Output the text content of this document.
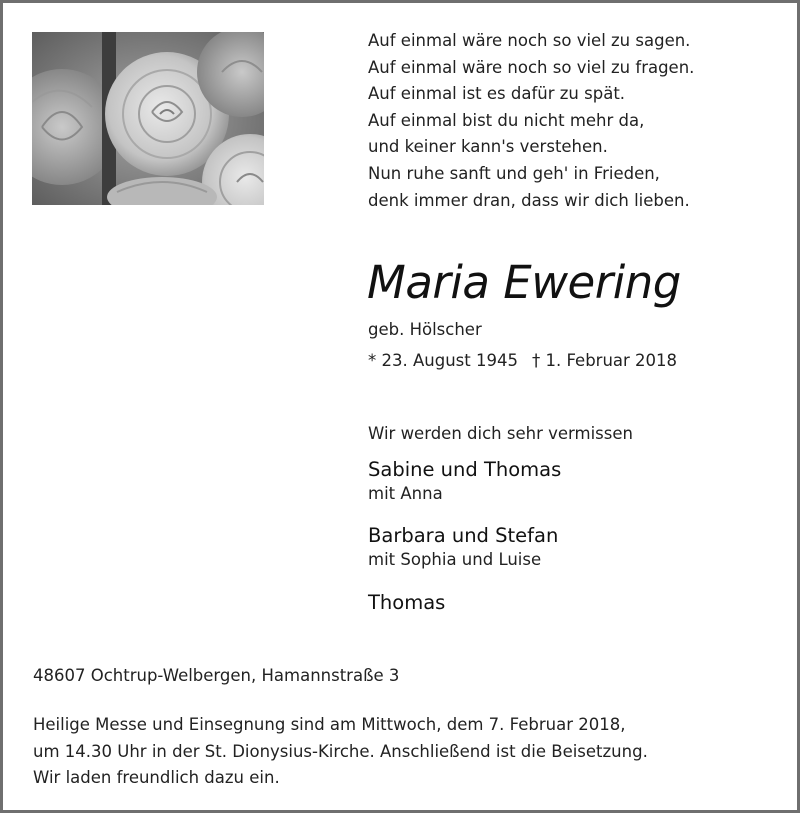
Auf einmal wäre noch so viel zu sagen.
Auf einmal wäre noch so viel zu fragen.
Auf einmal ist es dafür zu spät.
Auf einmal bist du nicht mehr da,
und keiner kann's verstehen.
Nun ruhe sanft und geh' in Frieden,
denk immer dran, dass wir dich lieben.
Maria Ewering
geb. Hölscher
* 23. August 1945 † 1. Februar 2018
Wir werden dich sehr vermissen
Sabine und Thomas
mit Anna
Barbara und Stefan
mit Sophia und Luise
Thomas
48607 Ochtrup-Welbergen, Hamannstraße 3
Heilige Messe und Einsegnung sind am Mittwoch, dem 7. Februar 2018,
um 14.30 Uhr in der St. Dionysius-Kirche. Anschließend ist die Beisetzung.
Wir laden freundlich dazu ein.
